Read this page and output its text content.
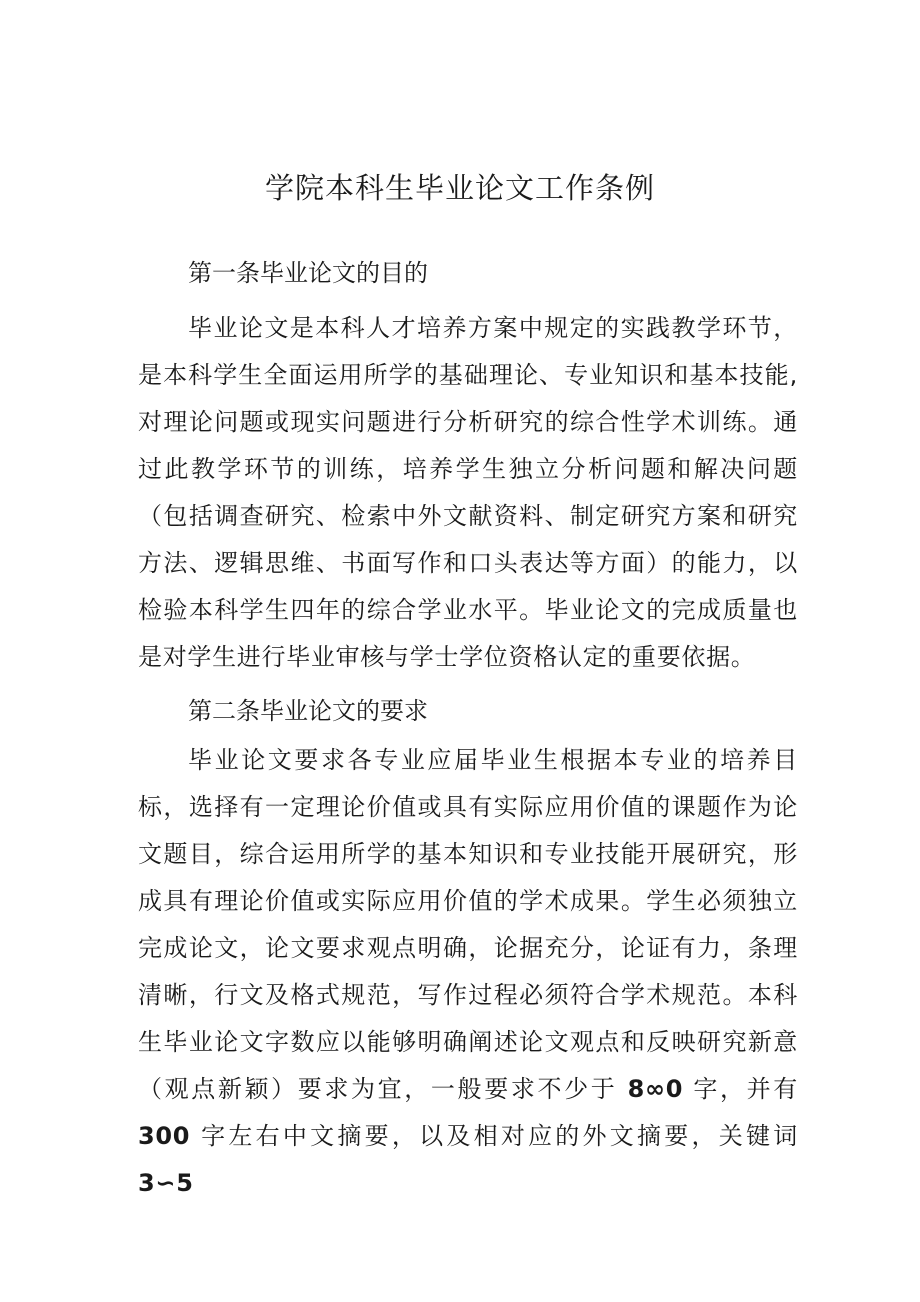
学院本科生毕业论文工作条例
第一条毕业论文的目的
毕业论文是本科人才培养方案中规定的实践教学环节，是本科学生全面运用所学的基础理论、专业知识和基本技能,对理论问题或现实问题进行分析研究的综合性学术训练。通过此教学环节的训练，培养学生独立分析问题和解决问题（包括调查研究、检索中外文献资料、制定研究方案和研究方法、逻辑思维、书面写作和口头表达等方面）的能力，以检验本科学生四年的综合学业水平。毕业论文的完成质量也是对学生进行毕业审核与学士学位资格认定的重要依据。
第二条毕业论文的要求
毕业论文要求各专业应届毕业生根据本专业的培养目标，选择有一定理论价值或具有实际应用价值的课题作为论文题目，综合运用所学的基本知识和专业技能开展研究，形成具有理论价值或实际应用价值的学术成果。学生必须独立完成论文，论文要求观点明确，论据充分，论证有力，条理清晰，行文及格式规范，写作过程必须符合学术规范。本科生毕业论文字数应以能够明确阐述论文观点和反映研究新意（观点新颖）要求为宜，一般要求不少于 8∞0 字，并有 300 字左右中文摘要，以及相对应的外文摘要，关键词 3∽5
